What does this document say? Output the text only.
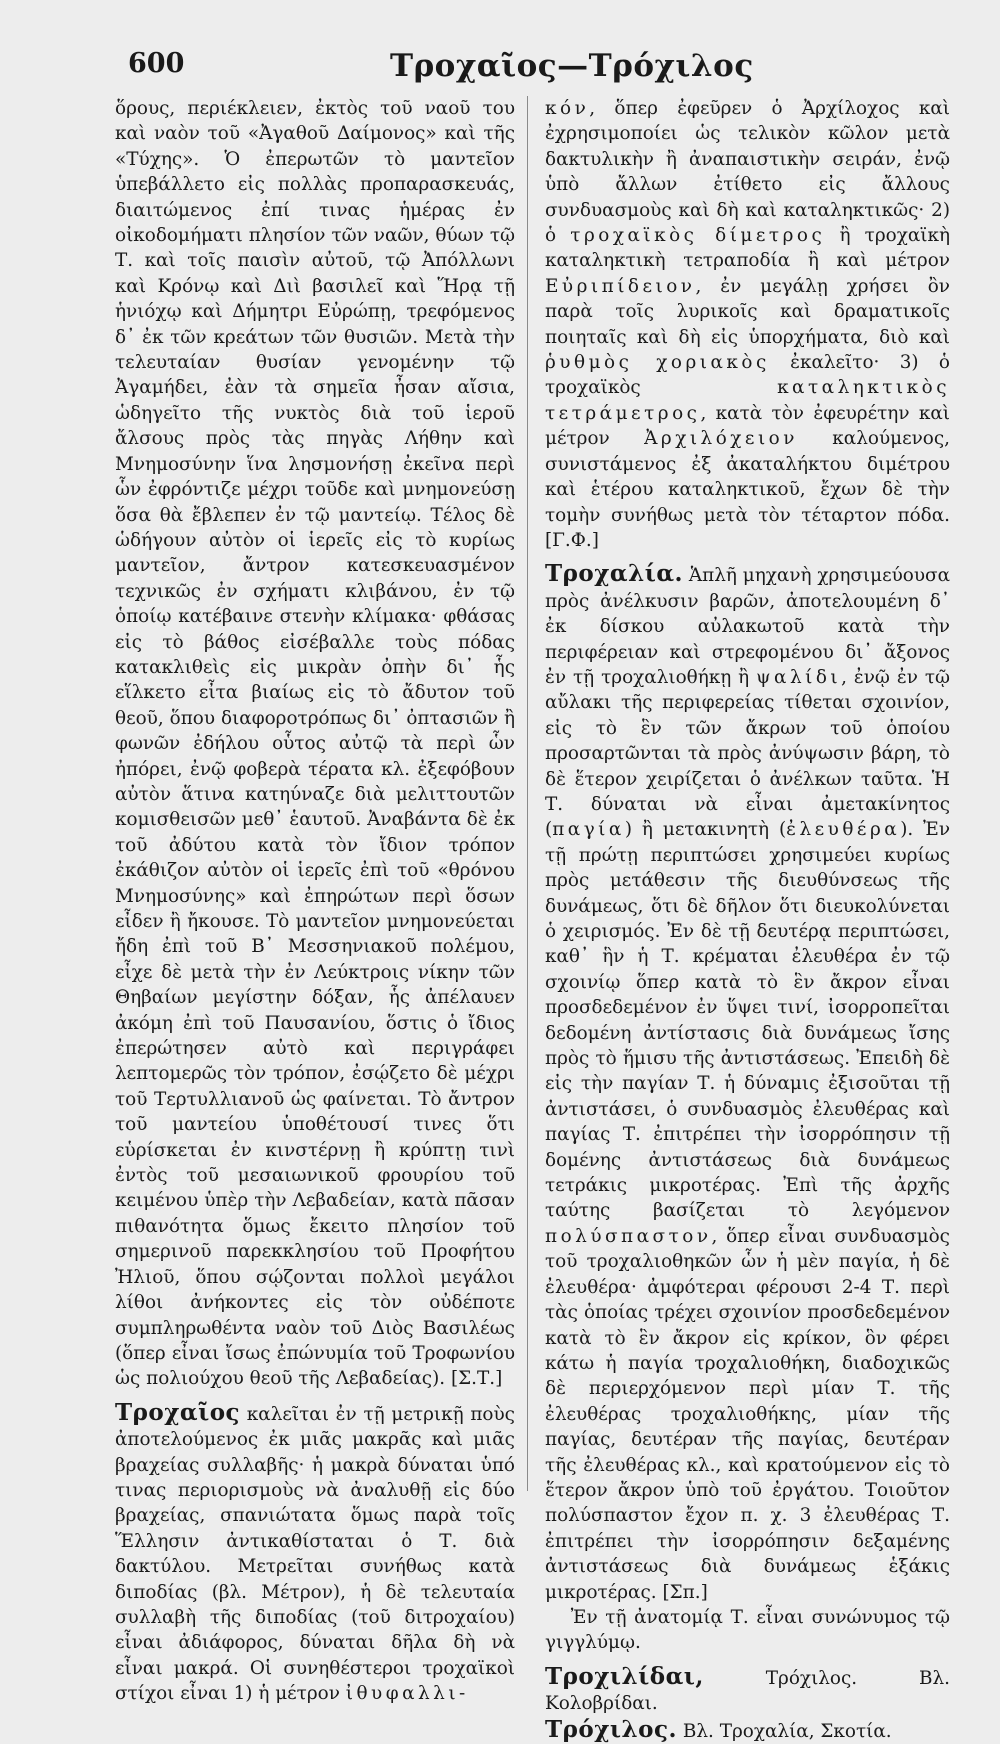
600	Τροχαῖος—Τρόχιλος

ὅρους, περιέκλειεν, ἐκτὸς τοῦ ναοῦ του καὶ ναὸν τοῦ «Ἀγαθοῦ Δαίμονος» καὶ τῆς «Τύχης». Ὁ ἐπερωτῶν τὸ μαντεῖον ὑπεβάλλετο εἰς πολλὰς προπαρασκευάς, διαιτώμενος ἐπί τινας ἡμέρας ἐν οἰκοδομήματι πλησίον τῶν ναῶν, θύων τῷ Τ. καὶ τοῖς παισὶν αὐτοῦ, τῷ Ἀπόλλωνι καὶ Κρόνῳ καὶ Διὶ βασιλεῖ καὶ Ἥρᾳ τῇ ἡνιόχῳ καὶ Δήμητρι Εὐρώπῃ, τρεφόμενος δ᾽ ἐκ τῶν κρεάτων τῶν θυσιῶν. Μετὰ τὴν τελευταίαν θυσίαν γενομένην τῷ Ἀγαμήδει, ἐὰν τὰ σημεῖα ἦσαν αἴσια, ὡδηγεῖτο τῆς νυκτὸς διὰ τοῦ ἱεροῦ ἄλσους πρὸς τὰς πηγὰς Λήθην καὶ Μνημοσύνην ἵνα λησμονήσῃ ἐκεῖνα περὶ ὧν ἐφρόντιζε μέχρι τοῦδε καὶ μνημονεύσῃ ὅσα θὰ ἔβλεπεν ἐν τῷ μαντείῳ. Τέλος δὲ ὡδήγουν αὐτὸν οἱ ἱερεῖς εἰς τὸ κυρίως μαντεῖον, ἄντρον κατεσκευασμένον τεχνικῶς ἐν σχήματι κλιβάνου, ἐν τῷ ὁποίῳ κατέβαινε στενὴν κλίμακα· φθάσας εἰς τὸ βάθος εἰσέβαλλε τοὺς πόδας κατακλιθεὶς εἰς μικρὰν ὀπὴν δι᾽ ἧς εἵλκετο εἶτα βιαίως εἰς τὸ ἄδυτον τοῦ θεοῦ, ὅπου διαφοροτρόπως δι᾽ ὀπτασιῶν ἢ φωνῶν ἐδήλου οὗτος αὐτῷ τὰ περὶ ὧν ἠπόρει, ἐνῷ φοβερὰ τέρατα κλ. ἐξεφόβουν αὐτὸν ἅτινα κατηύναζε διὰ μελιττουτῶν κομισθεισῶν μεθ᾽ ἑαυτοῦ. Ἀναβάντα δὲ ἐκ τοῦ ἀδύτου κατὰ τὸν ἴδιον τρόπον ἐκάθιζον αὐτὸν οἱ ἱερεῖς ἐπὶ τοῦ «θρόνου Μνημοσύνης» καὶ ἐπηρώτων περὶ ὅσων εἶδεν ἢ ἤκουσε. Τὸ μαντεῖον μνημονεύεται ἤδη ἐπὶ τοῦ Β᾽ Μεσσηνιακοῦ πολέμου, εἶχε δὲ μετὰ τὴν ἐν Λεύκτροις νίκην τῶν Θηβαίων μεγίστην δόξαν, ἧς ἀπέλαυεν ἀκόμη ἐπὶ τοῦ Παυσανίου, ὅστις ὁ ἴδιος ἐπερώτησεν αὐτὸ καὶ περιγράφει λεπτομερῶς τὸν τρόπον, ἐσῴζετο δὲ μέχρι τοῦ Τερτυλλιανοῦ ὡς φαίνεται. Τὸ ἄντρον τοῦ μαντείου ὑποθέτουσί τινες ὅτι εὑρίσκεται ἐν κινστέρνῃ ἢ κρύπτῃ τινὶ ἐντὸς τοῦ μεσαιωνικοῦ φρουρίου τοῦ κειμένου ὑπὲρ τὴν Λεβαδείαν, κατὰ πᾶσαν πιθανότητα ὅμως ἔκειτο πλησίον τοῦ σημερινοῦ παρεκκλησίου τοῦ Προφήτου Ἠλιοῦ, ὅπου σῴζονται πολλοὶ μεγάλοι λίθοι ἀνήκοντες εἰς τὸν οὐδέποτε συμπληρωθέντα ναὸν τοῦ Διὸς Βασιλέως (ὅπερ εἶναι ἴσως ἐπώνυμία τοῦ Τροφωνίου ὡς πολιούχου θεοῦ τῆς Λεβαδείας). [Σ.Τ.]

Τροχαῖος καλεῖται ἐν τῇ μετρικῇ ποὺς ἀποτελούμενος ἐκ μιᾶς μακρᾶς καὶ μιᾶς βραχείας συλλαβῆς· ἡ μακρὰ δύναται ὑπό τινας περιορισμοὺς νὰ ἀναλυθῇ εἰς δύο βραχείας, σπανιώτατα ὅμως παρὰ τοῖς Ἕλλησιν ἀντικαθίσταται ὁ Τ. διὰ δακτύλου. Μετρεῖται συνήθως κατὰ διποδίας (βλ. Μέτρον), ἡ δὲ τελευταία συλλαβὴ τῆς διποδίας (τοῦ διτροχαίου) εἶναι ἀδιάφορος, δύναται δῆλα δὴ νὰ εἶναι μακρά. Οἱ συνηθέστεροι τροχαϊκοὶ στίχοι εἶναι 1) ἡ μέτρον ἰθυφαλλι-

κόν, ὅπερ ἐφεῦρεν ὁ Ἀρχίλοχος καὶ ἐχρησιμοποίει ὡς τελικὸν κῶλον μετὰ δακτυλικὴν ἢ ἀναπαιστικὴν σειράν, ἐνῷ ὑπὸ ἄλλων ἐτίθετο εἰς ἄλλους συνδυασμοὺς καὶ δὴ καὶ καταληκτικῶς· 2) ὁ τροχαϊκὸς δίμετρος ἢ τροχαϊκὴ καταληκτικὴ τετραποδία ἢ καὶ μέτρον Εὐριπίδειον, ἐν μεγάλῃ χρήσει ὂν παρὰ τοῖς λυρικοῖς καὶ δραματικοῖς ποιηταῖς καὶ δὴ εἰς ὑπορχήματα, διὸ καὶ ῥυθμὸς χοριακὸς ἐκαλεῖτο· 3) ὁ τροχαϊκὸς καταληκτικὸς τετράμετρος, κατὰ τὸν ἐφευρέτην καὶ μέτρον Ἀρχιλόχειον καλούμενος, συνιστάμενος ἐξ ἀκαταλήκτου διμέτρου καὶ ἑτέρου καταληκτικοῦ, ἔχων δὲ τὴν τομὴν συνήθως μετὰ τὸν τέταρτον πόδα. [Γ.Φ.]

Τροχαλία. Ἁπλῆ μηχανὴ χρησιμεύουσα πρὸς ἀνέλκυσιν βαρῶν, ἀποτελουμένη δ᾽ ἐκ δίσκου αὐλακωτοῦ κατὰ τὴν περιφέρειαν καὶ στρεφομένου δι᾽ ἄξονος ἐν τῇ τροχαλιοθήκῃ ἢ ψαλίδι, ἐνῷ ἐν τῷ αὔλακι τῆς περιφερείας τίθεται σχοινίον, εἰς τὸ ἓν τῶν ἄκρων τοῦ ὁποίου προσαρτῶνται τὰ πρὸς ἀνύψωσιν βάρη, τὸ δὲ ἕτερον χειρίζεται ὁ ἀνέλκων ταῦτα. Ἡ Τ. δύναται νὰ εἶναι ἀμετακίνητος (παγία) ἢ μετακινητὴ (ἐλευθέρα). Ἐν τῇ πρώτῃ περιπτώσει χρησιμεύει κυρίως πρὸς μετάθεσιν τῆς διευθύνσεως τῆς δυνάμεως, ὅτι δὲ δῆλον ὅτι διευκολύνεται ὁ χειρισμός. Ἐν δὲ τῇ δευτέρᾳ περιπτώσει, καθ᾽ ἣν ἡ Τ. κρέμαται ἐλευθέρα ἐν τῷ σχοινίῳ ὅπερ κατὰ τὸ ἓν ἄκρον εἶναι προσδεδεμένον ἐν ὕψει τινί, ἰσορροπεῖται δεδομένη ἀντίστασις διὰ δυνάμεως ἴσης πρὸς τὸ ἥμισυ τῆς ἀντιστάσεως. Ἐπειδὴ δὲ εἰς τὴν παγίαν Τ. ἡ δύναμις ἐξισοῦται τῇ ἀντιστάσει, ὁ συνδυασμὸς ἐλευθέρας καὶ παγίας Τ. ἐπιτρέπει τὴν ἰσορρόπησιν τῇ δομένης ἀντιστάσεως διὰ δυνάμεως τετράκις μικροτέρας. Ἐπὶ τῆς ἀρχῆς ταύτης βασίζεται τὸ λεγόμενον πολύσπαστον, ὅπερ εἶναι συνδυασμὸς τοῦ τροχαλιοθηκῶν ὧν ἡ μὲν παγία, ἡ δὲ ἐλευθέρα· ἀμφότεραι φέρουσι 2-4 Τ. περὶ τὰς ὁποίας τρέχει σχοινίον προσδεδεμένον κατὰ τὸ ἓν ἄκρον εἰς κρίκον, ὃν φέρει κάτω ἡ παγία τροχαλιοθήκη, διαδοχικῶς δὲ περιερχόμενον περὶ μίαν Τ. τῆς ἐλευθέρας τροχαλιοθήκης, μίαν τῆς παγίας, δευτέραν τῆς παγίας, δευτέραν τῆς ἐλευθέρας κλ., καὶ κρατούμενον εἰς τὸ ἕτερον ἄκρον ὑπὸ τοῦ ἐργάτου. Τοιοῦτον πολύσπαστον ἔχον π. χ. 3 ἐλευθέρας Τ. ἐπιτρέπει τὴν ἰσορρόπησιν δεξαμένης ἀντιστάσεως διὰ δυνάμεως ἑξάκις μικροτέρας. [Σπ.]

Ἐν τῇ ἀνατομίᾳ Τ. εἶναι συνώνυμος τῷ γιγγλύμῳ.

Τροχιλίδαι, Τρόχιλος. Βλ. Κολοβρίδαι.

Τρόχιλος. Βλ. Τροχαλία, Σκοτία.
